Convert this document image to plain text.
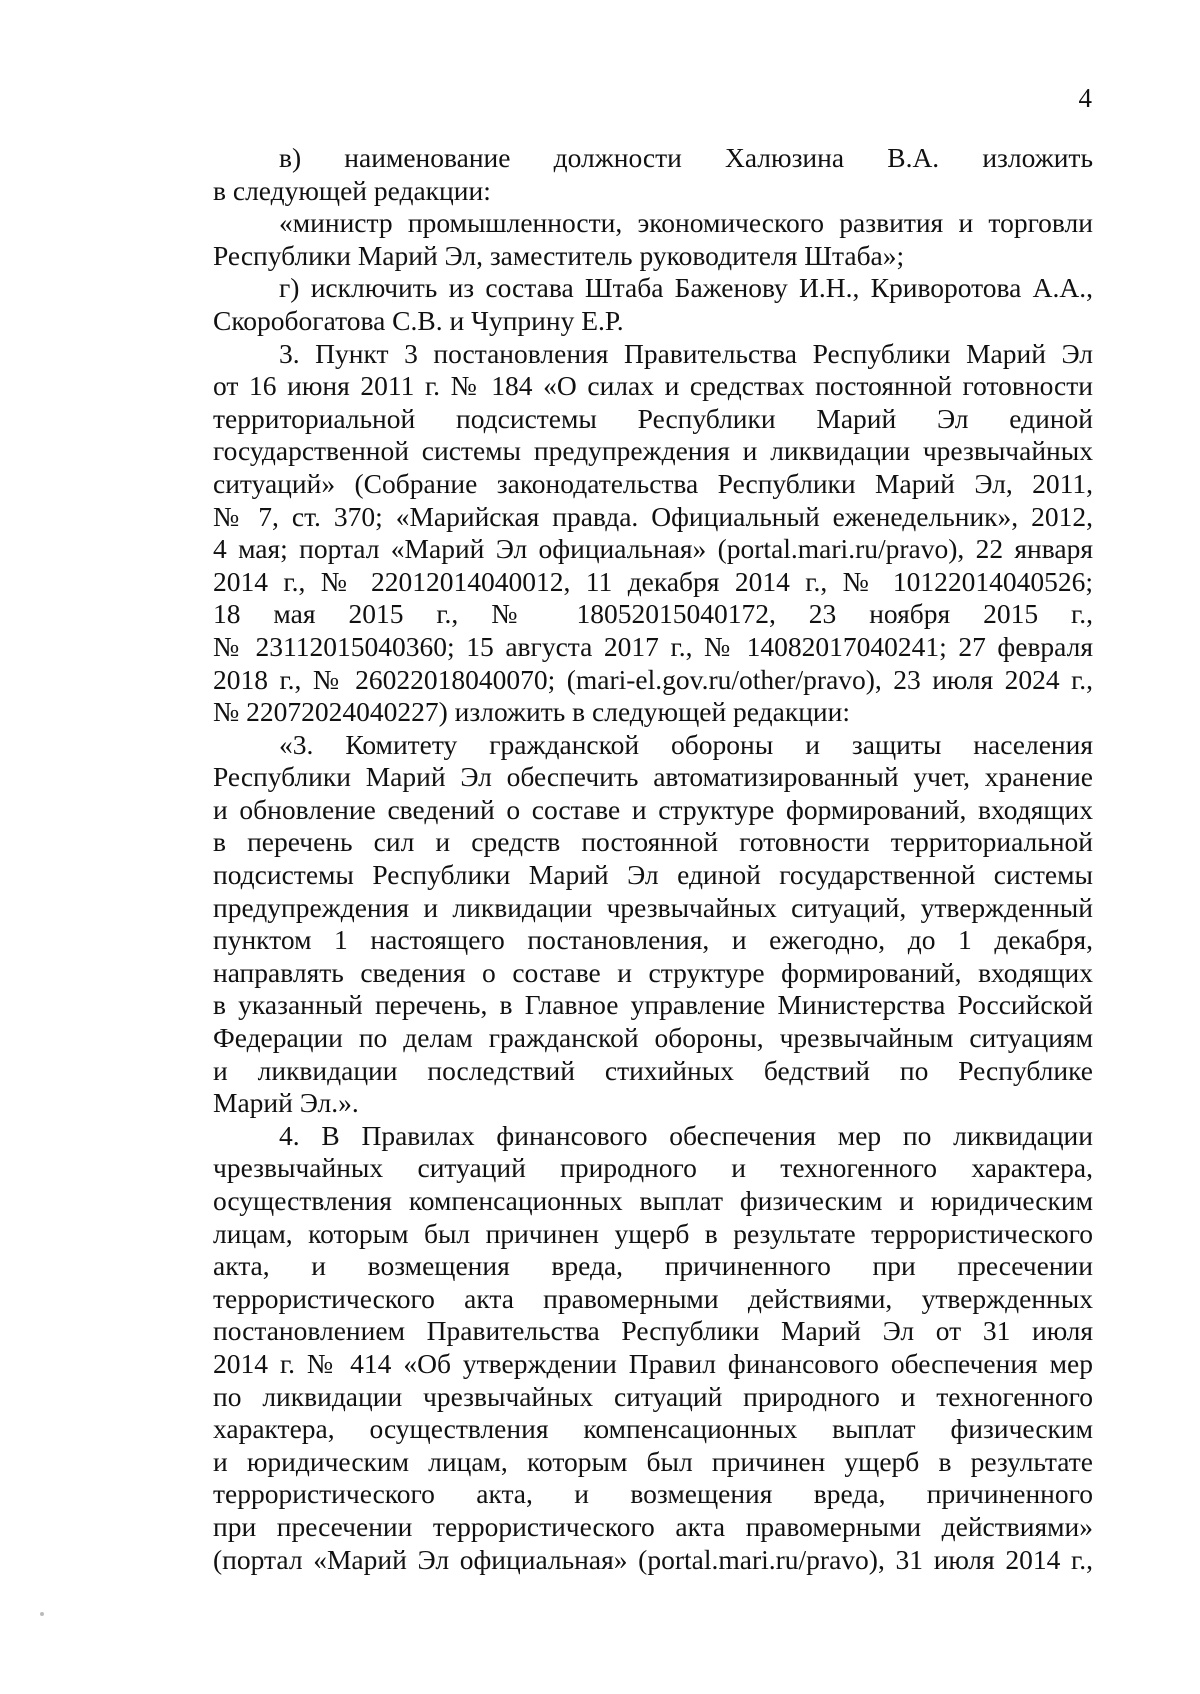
4
в) наименование должности Халюзина В.А. изложить
в следующей редакции:
«министр промышленности, экономического развития и торговли
Республики Марий Эл, заместитель руководителя Штаба»;
г) исключить из состава Штаба Баженову И.Н., Криворотова А.А.,
Скоробогатова С.В. и Чуприну Е.Р.
3. Пункт 3 постановления Правительства Республики Марий Эл
от 16 июня 2011 г. № 184 «О силах и средствах постоянной готовности
территориальной подсистемы Республики Марий Эл единой
государственной системы предупреждения и ликвидации чрезвычайных
ситуаций» (Собрание законодательства Республики Марий Эл, 2011,
№ 7, ст. 370; «Марийская правда. Официальный еженедельник», 2012,
4 мая; портал «Марий Эл официальная» (portal.mari.ru/pravo), 22 января
2014 г., № 22012014040012, 11 декабря 2014 г., № 10122014040526;
18 мая 2015 г., № 18052015040172, 23 ноября 2015 г.,
№ 23112015040360; 15 августа 2017 г., № 14082017040241; 27 февраля
2018 г., № 26022018040070; (mari-el.gov.ru/other/pravo), 23 июля 2024 г.,
№ 22072024040227) изложить в следующей редакции:
«3. Комитету гражданской обороны и защиты населения
Республики Марий Эл обеспечить автоматизированный учет, хранение
и обновление сведений о составе и структуре формирований, входящих
в перечень сил и средств постоянной готовности территориальной
подсистемы Республики Марий Эл единой государственной системы
предупреждения и ликвидации чрезвычайных ситуаций, утвержденный
пунктом 1 настоящего постановления, и ежегодно, до 1 декабря,
направлять сведения о составе и структуре формирований, входящих
в указанный перечень, в Главное управление Министерства Российской
Федерации по делам гражданской обороны, чрезвычайным ситуациям
и ликвидации последствий стихийных бедствий по Республике
Марий Эл.».
4. В Правилах финансового обеспечения мер по ликвидации
чрезвычайных ситуаций природного и техногенного характера,
осуществления компенсационных выплат физическим и юридическим
лицам, которым был причинен ущерб в результате террористического
акта, и возмещения вреда, причиненного при пресечении
террористического акта правомерными действиями, утвержденных
постановлением Правительства Республики Марий Эл от 31 июля
2014 г. № 414 «Об утверждении Правил финансового обеспечения мер
по ликвидации чрезвычайных ситуаций природного и техногенного
характера, осуществления компенсационных выплат физическим
и юридическим лицам, которым был причинен ущерб в результате
террористического акта, и возмещения вреда, причиненного
при пресечении террористического акта правомерными действиями»
(портал «Марий Эл официальная» (portal.mari.ru/pravo), 31 июля 2014 г.,
